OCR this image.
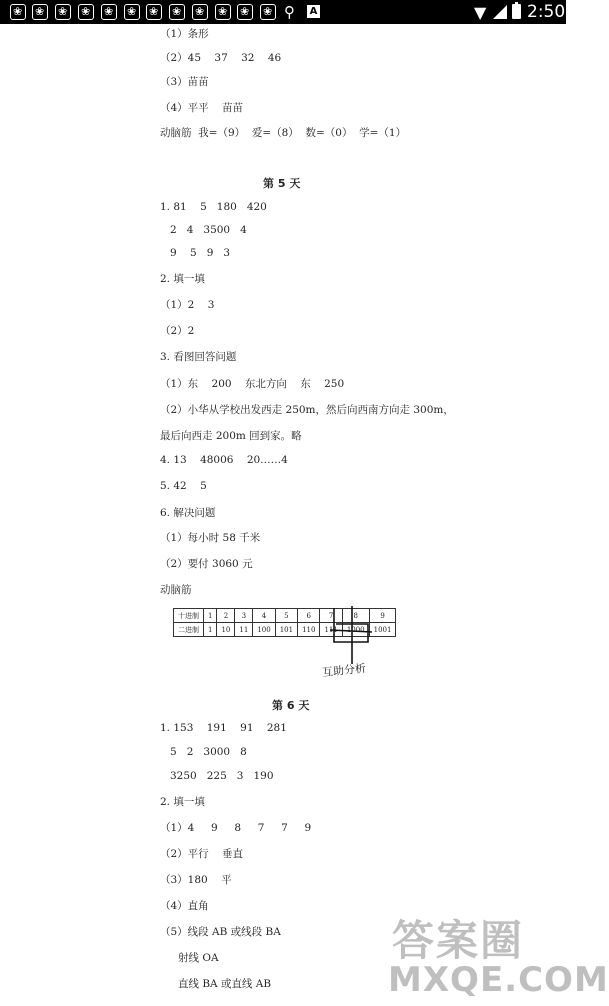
❀
❀
❀
❀
❀
❀
❀
❀
❀
❀
❀
❀
⚲ A	▼ 2:50
（1）条形
（2）45    37    32    46
（3）苗苗
（4）平平    苗苗
动脑筋  我=（9）  爱=（8）  数=（0）  学=（1）
第 5 天
1. 81    5   180   420
2   4   3500   4
9    5   9   3
2. 填一填
（1）2    3
（2）2
3. 看图回答问题
（1）东    200    东北方向    东    250
（2）小华从学校出发西走 250m，然后向西南方向走 300m，
最后向西走 200m 回到家。略
4. 13    48006    20……4
5. 42    5
6. 解决问题
（1）每小时 58 千米
（2）要付 3060 元
动脑筋
十进制	1	2	3	4	5	6	7	8	9
二进制	1	10	11	100	101	110	111	1000	1001
互助分析
第 6 天
1. 153    191    91    281
5   2   3000   8
3250   225   3   190
2. 填一填
（1）4     9     8     7     7     9
（2）平行    垂直
（3）180    平
（4）直角
（5）线段 AB 或线段 BA
射线 OA
直线 BA 或直线 AB
答案圈
MXQE.COM
